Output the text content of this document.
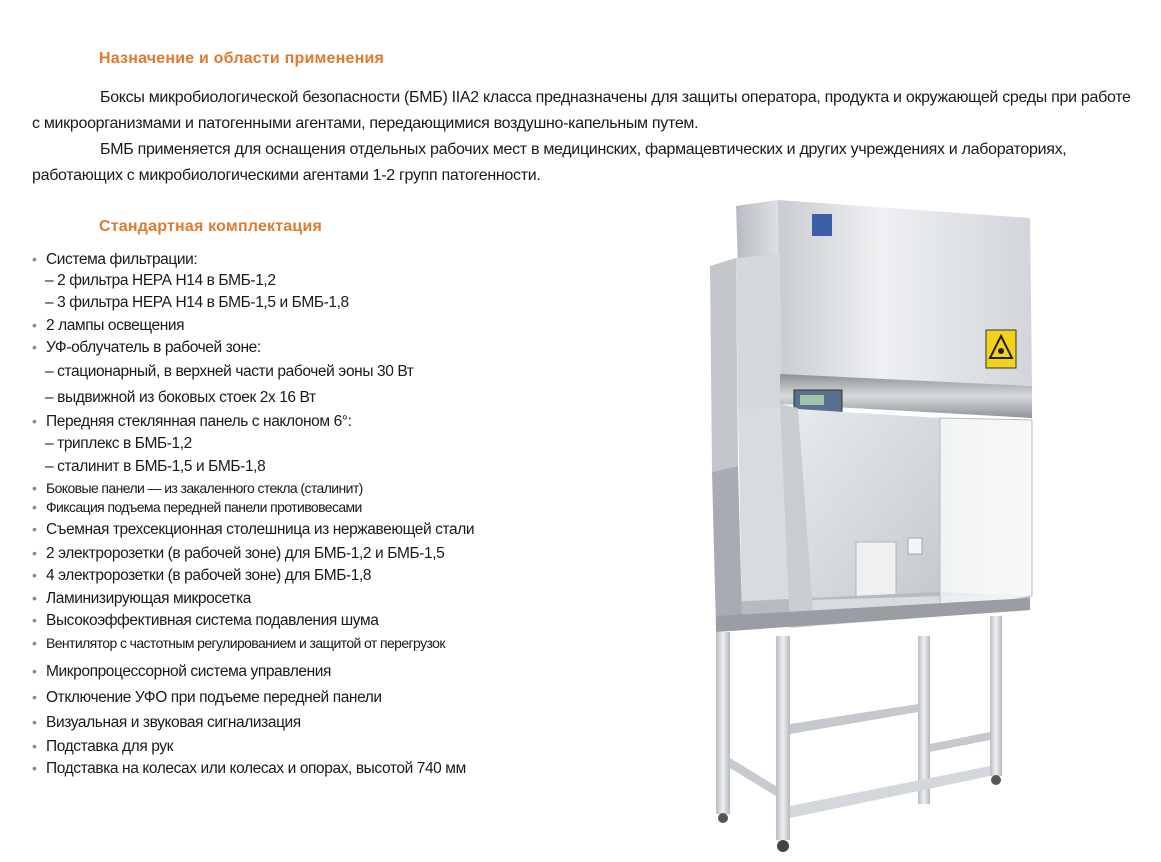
Назначение и области применения
Боксы микробиологической безопасности (БМБ) IIA2 класса предназначены для защиты оператора, продукта и окружающей среды при работе с микроорганизмами и патогенными агентами, передающимися воздушно-капельным путем.
БМБ применяется для оснащения отдельных рабочих мест в медицинских, фармацевтических и других учреждениях и лабораториях, работающих с микробиологическими агентами 1-2 групп патогенности.
Стандартная комплектация
• Система фильтрации:
– 2 фильтра НЕРА Н14 в БМБ-1,2
– 3 фильтра НЕРА Н14 в БМБ-1,5 и БМБ-1,8
• 2 лампы освещения
• УФ-облучатель в рабочей зоне:
– стационарный, в верхней части рабочей эоны 30 Вт
– выдвижной из боковых стоек 2х 16 Вт
• Передняя стеклянная панель с наклоном 6°:
– триплекс в БМБ-1,2
– сталинит в БМБ-1,5 и БМБ-1,8
• Боковые панели — из закаленного стекла (сталинит)
• Фиксация подъема передней панели противовесами
• Съемная трехсекционная столешница из нержавеющей стали
• 2 электророзетки (в рабочей зоне) для БМБ-1,2 и БМБ-1,5
• 4 электророзетки (в рабочей зоне) для БМБ-1,8
• Ламинизирующая микросетка
• Высокоэффективная система подавления шума
• Вентилятор с частотным регулированием и защитой от перегрузок
• Микропроцессорной система управления
• Отключение УФО при подъеме передней панели
• Визуальная и звуковая сигнализация
• Подставка для рук
• Подставка на колесах или колесах и опорах, высотой 740 мм
